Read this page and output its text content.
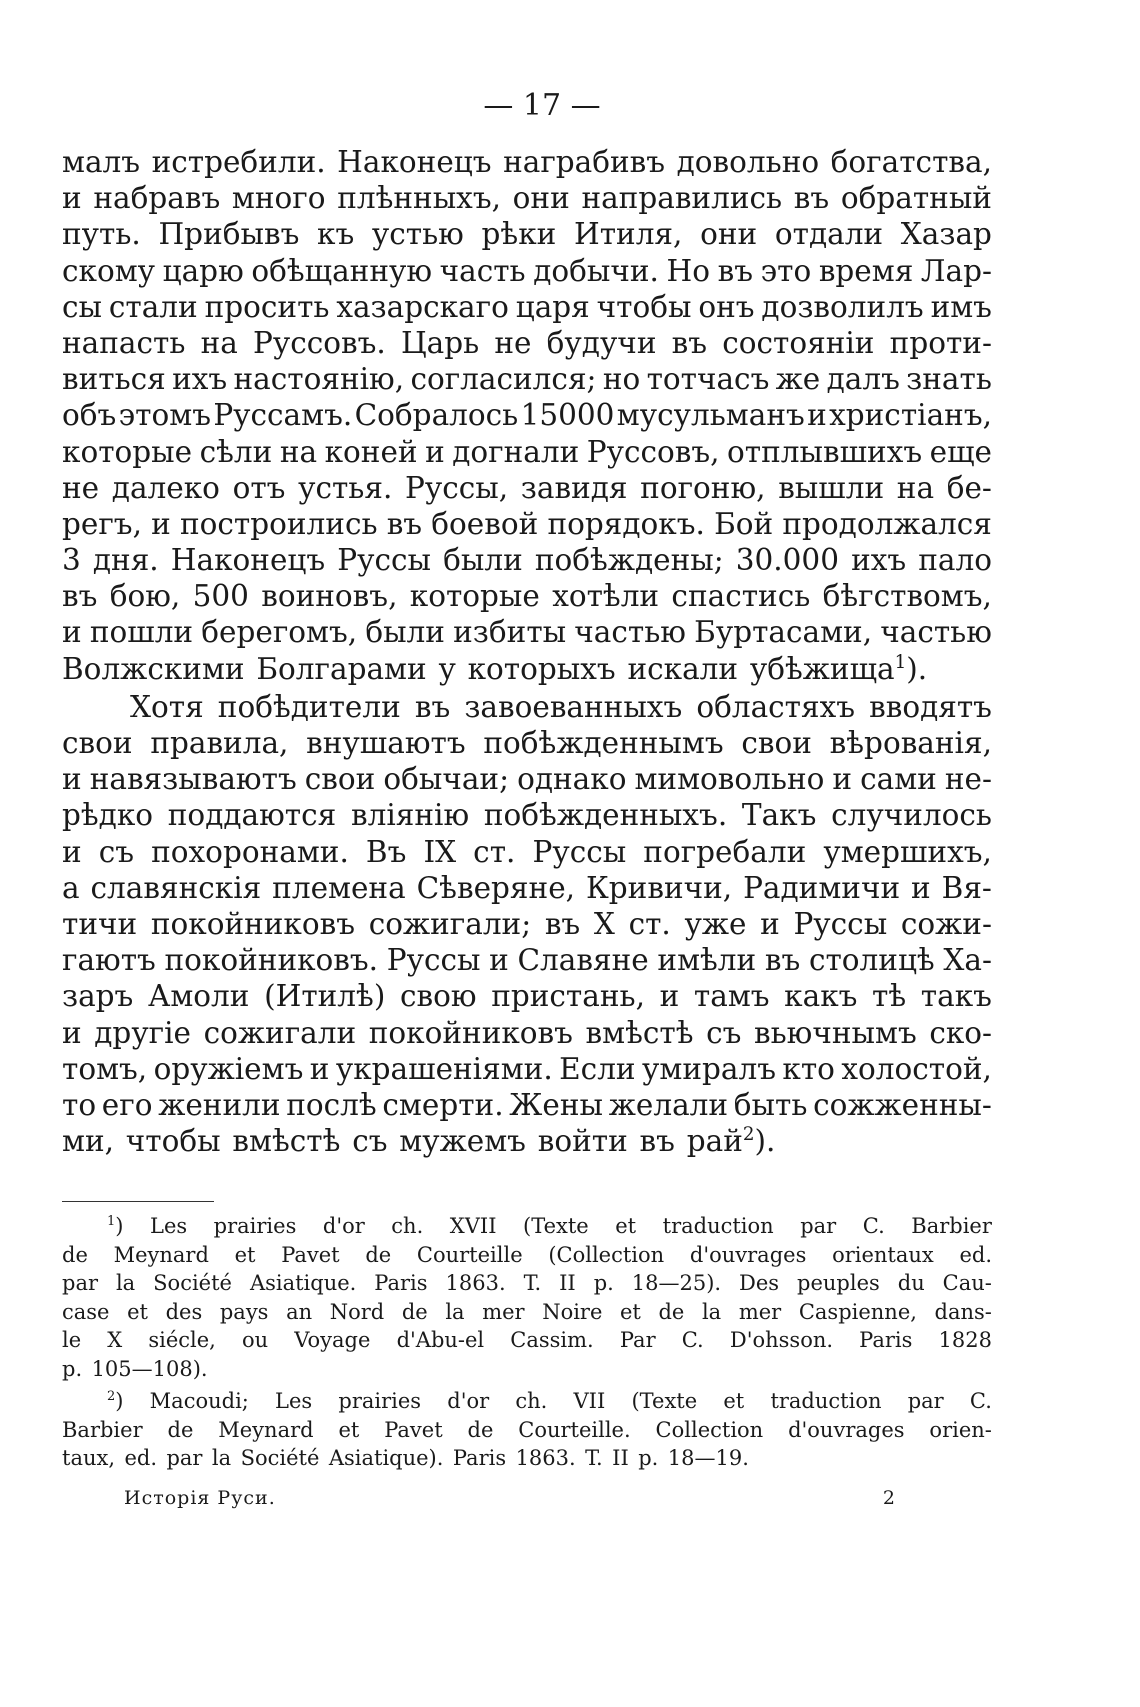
— 17 —
малъ истребили. Наконецъ награбивъ довольно богатства,
и набравъ много плѣнныхъ, они направились въ обратный
путь. Прибывъ къ устью рѣки Итиля, они отдали Хазар
скому царю обѣщанную часть добычи. Но въ это время Лар-
сы стали просить хазарскаго царя чтобы онъ дозволилъ имъ
напасть на Руссовъ. Царь не будучи въ состояніи проти-
виться ихъ настоянію, согласился; но тотчасъ же далъ знать
объ этомъ Руссамъ. Собралось 15000 мусульманъ и христіанъ,
которые сѣли на коней и догнали Руссовъ, отплывшихъ еще
не далеко отъ устья. Руссы, завидя погоню, вышли на бе-
регъ, и построились въ боевой порядокъ. Бой продолжался
3 дня. Наконецъ Руссы были побѣждены; 30.000 ихъ пало
въ бою, 500 воиновъ, которые хотѣли спастись бѣгствомъ,
и пошли берегомъ, были избиты частью Буртасами, частью
Волжскими Болгарами у которыхъ искали убѣжища$^1$).
Хотя побѣдители въ завоеванныхъ областяхъ вводятъ
свои правила, внушаютъ побѣжденнымъ свои вѣрованія,
и навязываютъ свои обычаи; однако мимовольно и сами не-
рѣдко поддаются вліянію побѣжденныхъ. Такъ случилось
и съ похоронами. Въ IX ст. Руссы погребали умершихъ,
а славянскія племена Сѣверяне, Кривичи, Радимичи и Вя-
тичи покойниковъ сожигали; въ X ст. уже и Руссы сожи-
гаютъ покойниковъ. Руссы и Славяне имѣли въ столицѣ Ха-
заръ Амоли (Итилѣ) свою пристань, и тамъ какъ тѣ такъ
и другіе сожигали покойниковъ вмѣстѣ съ вьючнымъ ско-
томъ, оружіемъ и украшеніями. Если умиралъ кто холостой,
то его женили послѣ смерти. Жены желали быть сожженны-
ми, чтобы вмѣстѣ съ мужемъ войти въ рай$^2$).
$^1$) Les prairies d'or ch. XVII (Texte et traduction par C. Barbier
de Meynard et Pavet de Courteille (Collection d'ouvrages orientaux ed.
par la Société Asiatique. Paris 1863. T. II p. 18—25). Des peuples du Cau-
case et des pays an Nord de la mer Noire et de la mer Caspienne, dans-
le X siécle, ou Voyage d'Abu-el Cassim. Par C. D'ohsson. Paris 1828
p. 105—108).
$^2$) Macoudi; Les prairies d'or ch. VII (Texte et traduction par C.
Barbier de Meynard et Pavet de Courteille. Collection d'ouvrages orien-
taux, ed. par la Société Asiatique). Paris 1863. T. II p. 18—19.
Исторія Руси.	2
